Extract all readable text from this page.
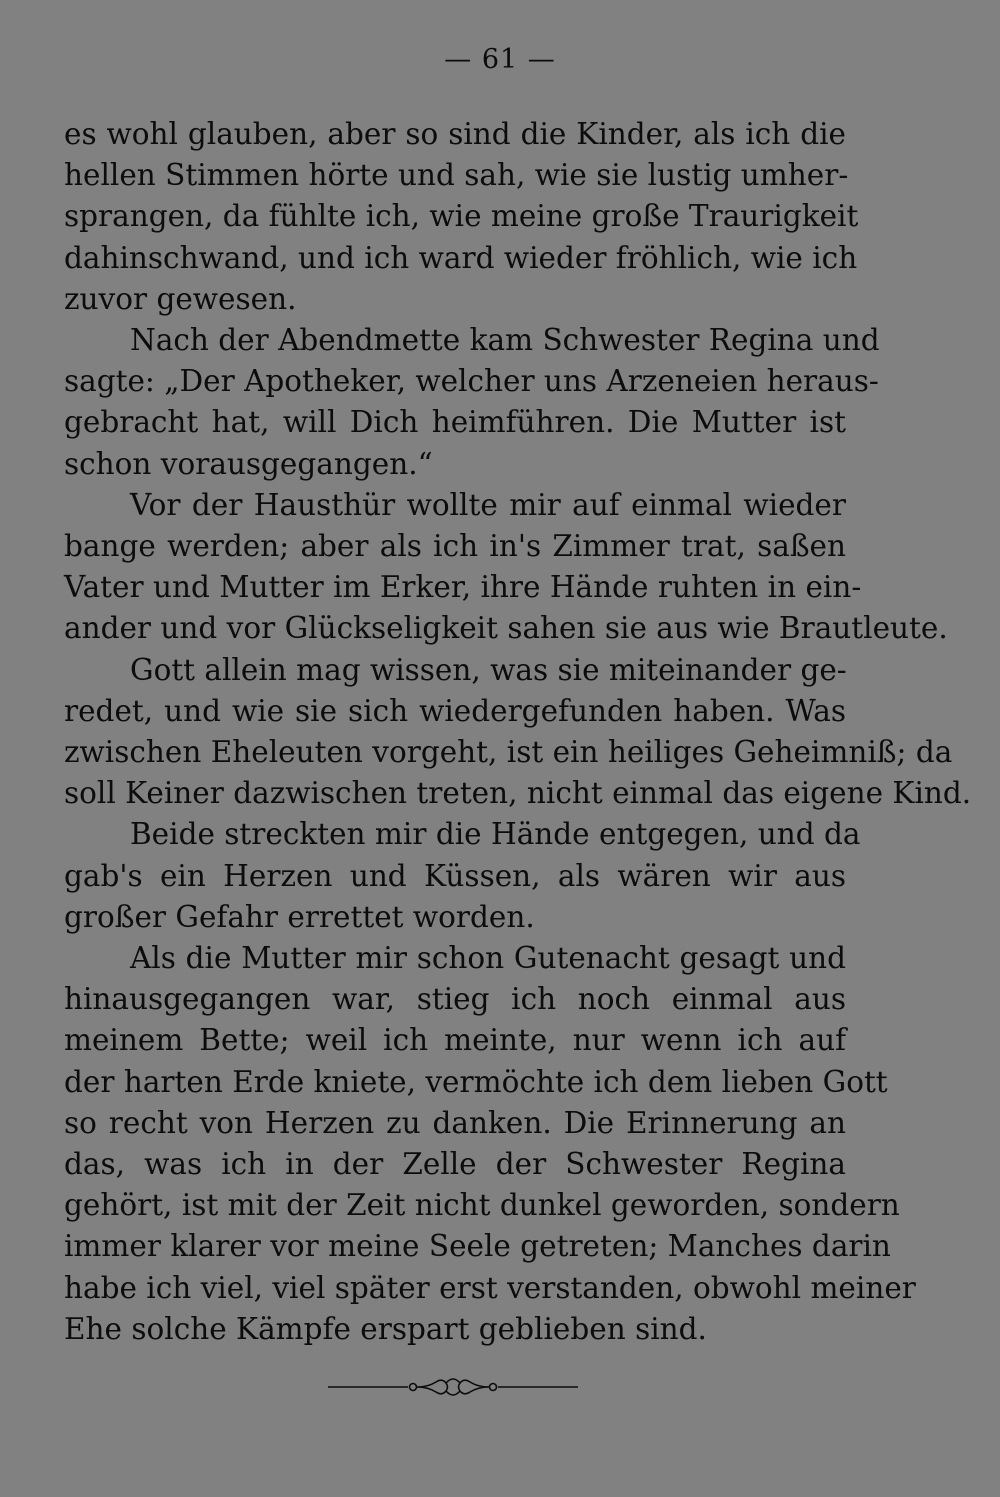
— 61 —

es wohl glauben, aber so sind die Kinder, als ich die
hellen Stimmen hörte und sah, wie sie lustig umher-
sprangen, da fühlte ich, wie meine große Traurigkeit
dahinschwand, und ich ward wieder fröhlich, wie ich
zuvor gewesen.

Nach der Abendmette kam Schwester Regina und
sagte: „Der Apotheker, welcher uns Arzeneien heraus-
gebracht hat, will Dich heimführen. Die Mutter ist
schon vorausgegangen.“

Vor der Hausthür wollte mir auf einmal wieder
bange werden; aber als ich in's Zimmer trat, saßen
Vater und Mutter im Erker, ihre Hände ruhten in ein-
ander und vor Glückseligkeit sahen sie aus wie Brautleute.

Gott allein mag wissen, was sie miteinander ge-
redet, und wie sie sich wiedergefunden haben. Was
zwischen Eheleuten vorgeht, ist ein heiliges Geheimniß; da
soll Keiner dazwischen treten, nicht einmal das eigene Kind.

Beide streckten mir die Hände entgegen, und da
gab's ein Herzen und Küssen, als wären wir aus
großer Gefahr errettet worden.

Als die Mutter mir schon Gutenacht gesagt und
hinausgegangen war, stieg ich noch einmal aus
meinem Bette; weil ich meinte, nur wenn ich auf
der harten Erde kniete, vermöchte ich dem lieben Gott
so recht von Herzen zu danken. Die Erinnerung an
das, was ich in der Zelle der Schwester Regina
gehört, ist mit der Zeit nicht dunkel geworden, sondern
immer klarer vor meine Seele getreten; Manches darin
habe ich viel, viel später erst verstanden, obwohl meiner
Ehe solche Kämpfe erspart geblieben sind.
